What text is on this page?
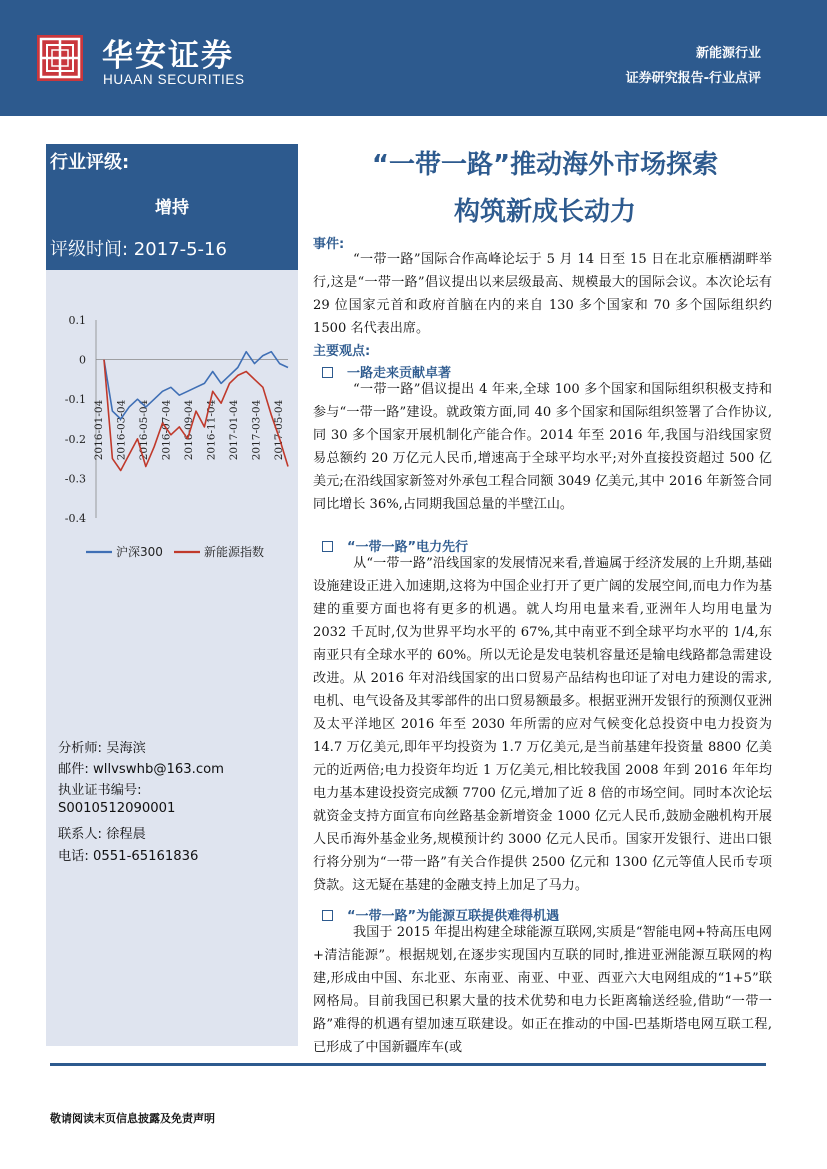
华安证券
HUAAN SECURITIES
新能源行业
证券研究报告-行业点评
行业评级:
增持
评级时间: 2017-5-16
0.1
0
-0.1
-0.2
-0.3
-0.4
2016-01-04 2016-03-04 2016-05-04 2016-07-04 2016-09-04 2016-11-04 2017-01-04 2017-03-04 2017-05-04
沪深300	新能源指数
分析师: 吴海滨
邮件: wllvswhb@163.com
执业证书编号:
S0010512090001
联系人: 徐程晨
电话: 0551-65161836
“一带一路”推动海外市场探索
构筑新成长动力
事件:
“一带一路”国际合作高峰论坛于 5 月 14 日至 15 日在北京雁栖湖畔举行,这是“一带一路”倡议提出以来层级最高、规模最大的国际会议。本次论坛有 29 位国家元首和政府首脑在内的来自 130 多个国家和 70 多个国际组织约 1500 名代表出席。
主要观点:
一路走来贡献卓著
“一带一路”倡议提出 4 年来,全球 100 多个国家和国际组织积极支持和参与“一带一路”建设。就政策方面,同 40 多个国家和国际组织签署了合作协议,同 30 多个国家开展机制化产能合作。2014 年至 2016 年,我国与沿线国家贸易总额约 20 万亿元人民币,增速高于全球平均水平;对外直接投资超过 500 亿美元;在沿线国家新签对外承包工程合同额 3049 亿美元,其中 2016 年新签合同同比增长 36%,占同期我国总量的半壁江山。
“一带一路”电力先行
从“一带一路”沿线国家的发展情况来看,普遍属于经济发展的上升期,基础设施建设正进入加速期,这将为中国企业打开了更广阔的发展空间,而电力作为基建的重要方面也将有更多的机遇。就人均用电量来看,亚洲年人均用电量为 2032 千瓦时,仅为世界平均水平的 67%,其中南亚不到全球平均水平的 1/4,东南亚只有全球水平的 60%。所以无论是发电装机容量还是输电线路都急需建设改进。从 2016 年对沿线国家的出口贸易产品结构也印证了对电力建设的需求,电机、电气设备及其零部件的出口贸易额最多。根据亚洲开发银行的预测仅亚洲及太平洋地区 2016 年至 2030 年所需的应对气候变化总投资中电力投资为 14.7 万亿美元,即年平均投资为 1.7 万亿美元,是当前基建年投资量 8800 亿美元的近两倍;电力投资年均近 1 万亿美元,相比较我国 2008 年到 2016 年年均电力基本建设投资完成额 7700 亿元,增加了近 8 倍的市场空间。同时本次论坛就资金支持方面宣布向丝路基金新增资金 1000 亿元人民币,鼓励金融机构开展人民币海外基金业务,规模预计约 3000 亿元人民币。国家开发银行、进出口银行将分别为“一带一路”有关合作提供 2500 亿元和 1300 亿元等值人民币专项贷款。这无疑在基建的金融支持上加足了马力。
“一带一路”为能源互联提供难得机遇
我国于 2015 年提出构建全球能源互联网,实质是“智能电网+特高压电网+清洁能源”。根据规划,在逐步实现国内互联的同时,推进亚洲能源互联网的构建,形成由中国、东北亚、东南亚、南亚、中亚、西亚六大电网组成的“1+5”联网格局。目前我国已积累大量的技术优势和电力长距离输送经验,借助“一带一路”难得的机遇有望加速互联建设。如正在推动的中国-巴基斯塔电网互联工程,已形成了中国新疆库车(或
敬请阅读末页信息披露及免责声明
